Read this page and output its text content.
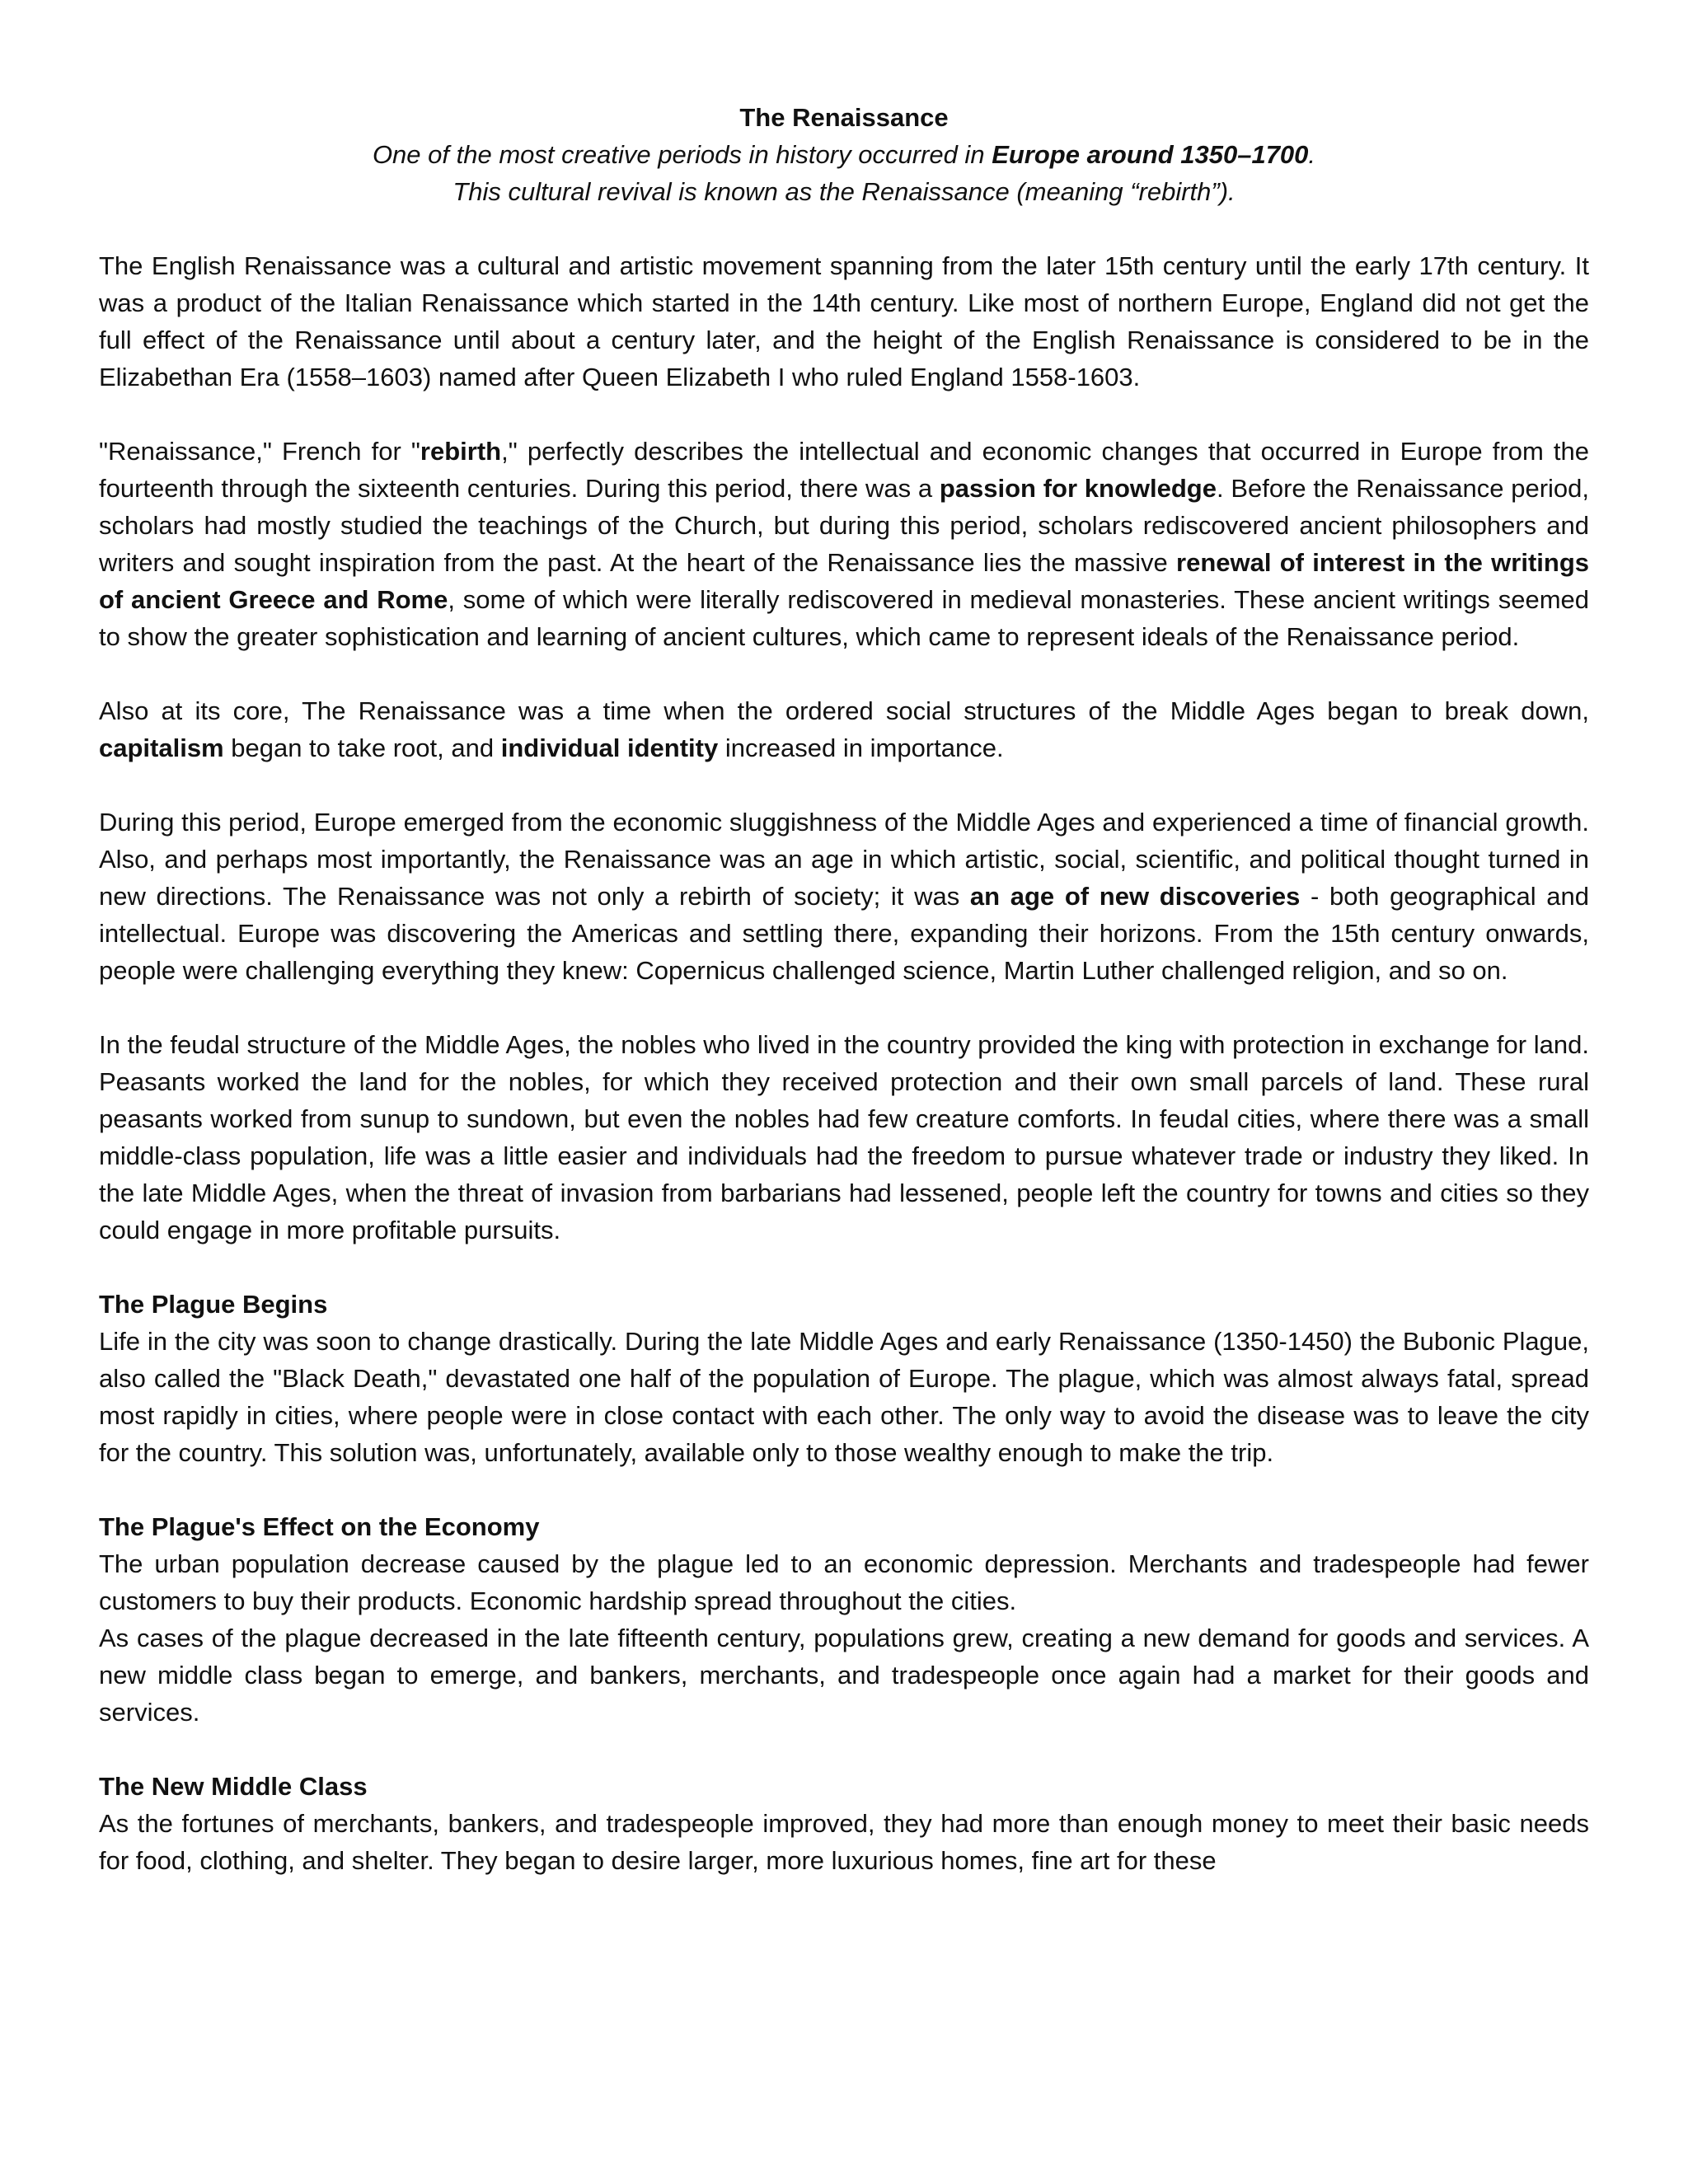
The Renaissance
One of the most creative periods in history occurred in Europe around 1350–1700.
This cultural revival is known as the Renaissance (meaning “rebirth”).

The English Renaissance was a cultural and artistic movement spanning from the later 15th century until the early 17th century. It was a product of the Italian Renaissance which started in the 14th century. Like most of northern Europe, England did not get the full effect of the Renaissance until about a century later, and the height of the English Renaissance is considered to be in the Elizabethan Era (1558–1603) named after Queen Elizabeth I who ruled England 1558-1603.

"Renaissance," French for "rebirth," perfectly describes the intellectual and economic changes that occurred in Europe from the fourteenth through the sixteenth centuries. During this period, there was a passion for knowledge. Before the Renaissance period, scholars had mostly studied the teachings of the Church, but during this period, scholars rediscovered ancient philosophers and writers and sought inspiration from the past. At the heart of the Renaissance lies the massive renewal of interest in the writings of ancient Greece and Rome, some of which were literally rediscovered in medieval monasteries. These ancient writings seemed to show the greater sophistication and learning of ancient cultures, which came to represent ideals of the Renaissance period.

Also at its core, The Renaissance was a time when the ordered social structures of the Middle Ages began to break down, capitalism began to take root, and individual identity increased in importance.

During this period, Europe emerged from the economic sluggishness of the Middle Ages and experienced a time of financial growth. Also, and perhaps most importantly, the Renaissance was an age in which artistic, social, scientific, and political thought turned in new directions. The Renaissance was not only a rebirth of society; it was an age of new discoveries - both geographical and intellectual. Europe was discovering the Americas and settling there, expanding their horizons. From the 15th century onwards, people were challenging everything they knew: Copernicus challenged science, Martin Luther challenged religion, and so on.

In the feudal structure of the Middle Ages, the nobles who lived in the country provided the king with protection in exchange for land. Peasants worked the land for the nobles, for which they received protection and their own small parcels of land. These rural peasants worked from sunup to sundown, but even the nobles had few creature comforts. In feudal cities, where there was a small middle-class population, life was a little easier and individuals had the freedom to pursue whatever trade or industry they liked. In the late Middle Ages, when the threat of invasion from barbarians had lessened, people left the country for towns and cities so they could engage in more profitable pursuits.

The Plague Begins

Life in the city was soon to change drastically. During the late Middle Ages and early Renaissance (1350-1450) the Bubonic Plague, also called the "Black Death," devastated one half of the population of Europe. The plague, which was almost always fatal, spread most rapidly in cities, where people were in close contact with each other. The only way to avoid the disease was to leave the city for the country. This solution was, unfortunately, available only to those wealthy enough to make the trip.

The Plague's Effect on the Economy

The urban population decrease caused by the plague led to an economic depression. Merchants and tradespeople had fewer customers to buy their products. Economic hardship spread throughout the cities.

As cases of the plague decreased in the late fifteenth century, populations grew, creating a new demand for goods and services. A new middle class began to emerge, and bankers, merchants, and tradespeople once again had a market for their goods and services.

The New Middle Class

As the fortunes of merchants, bankers, and tradespeople improved, they had more than enough money to meet their basic needs for food, clothing, and shelter. They began to desire larger, more luxurious homes, fine art for these
